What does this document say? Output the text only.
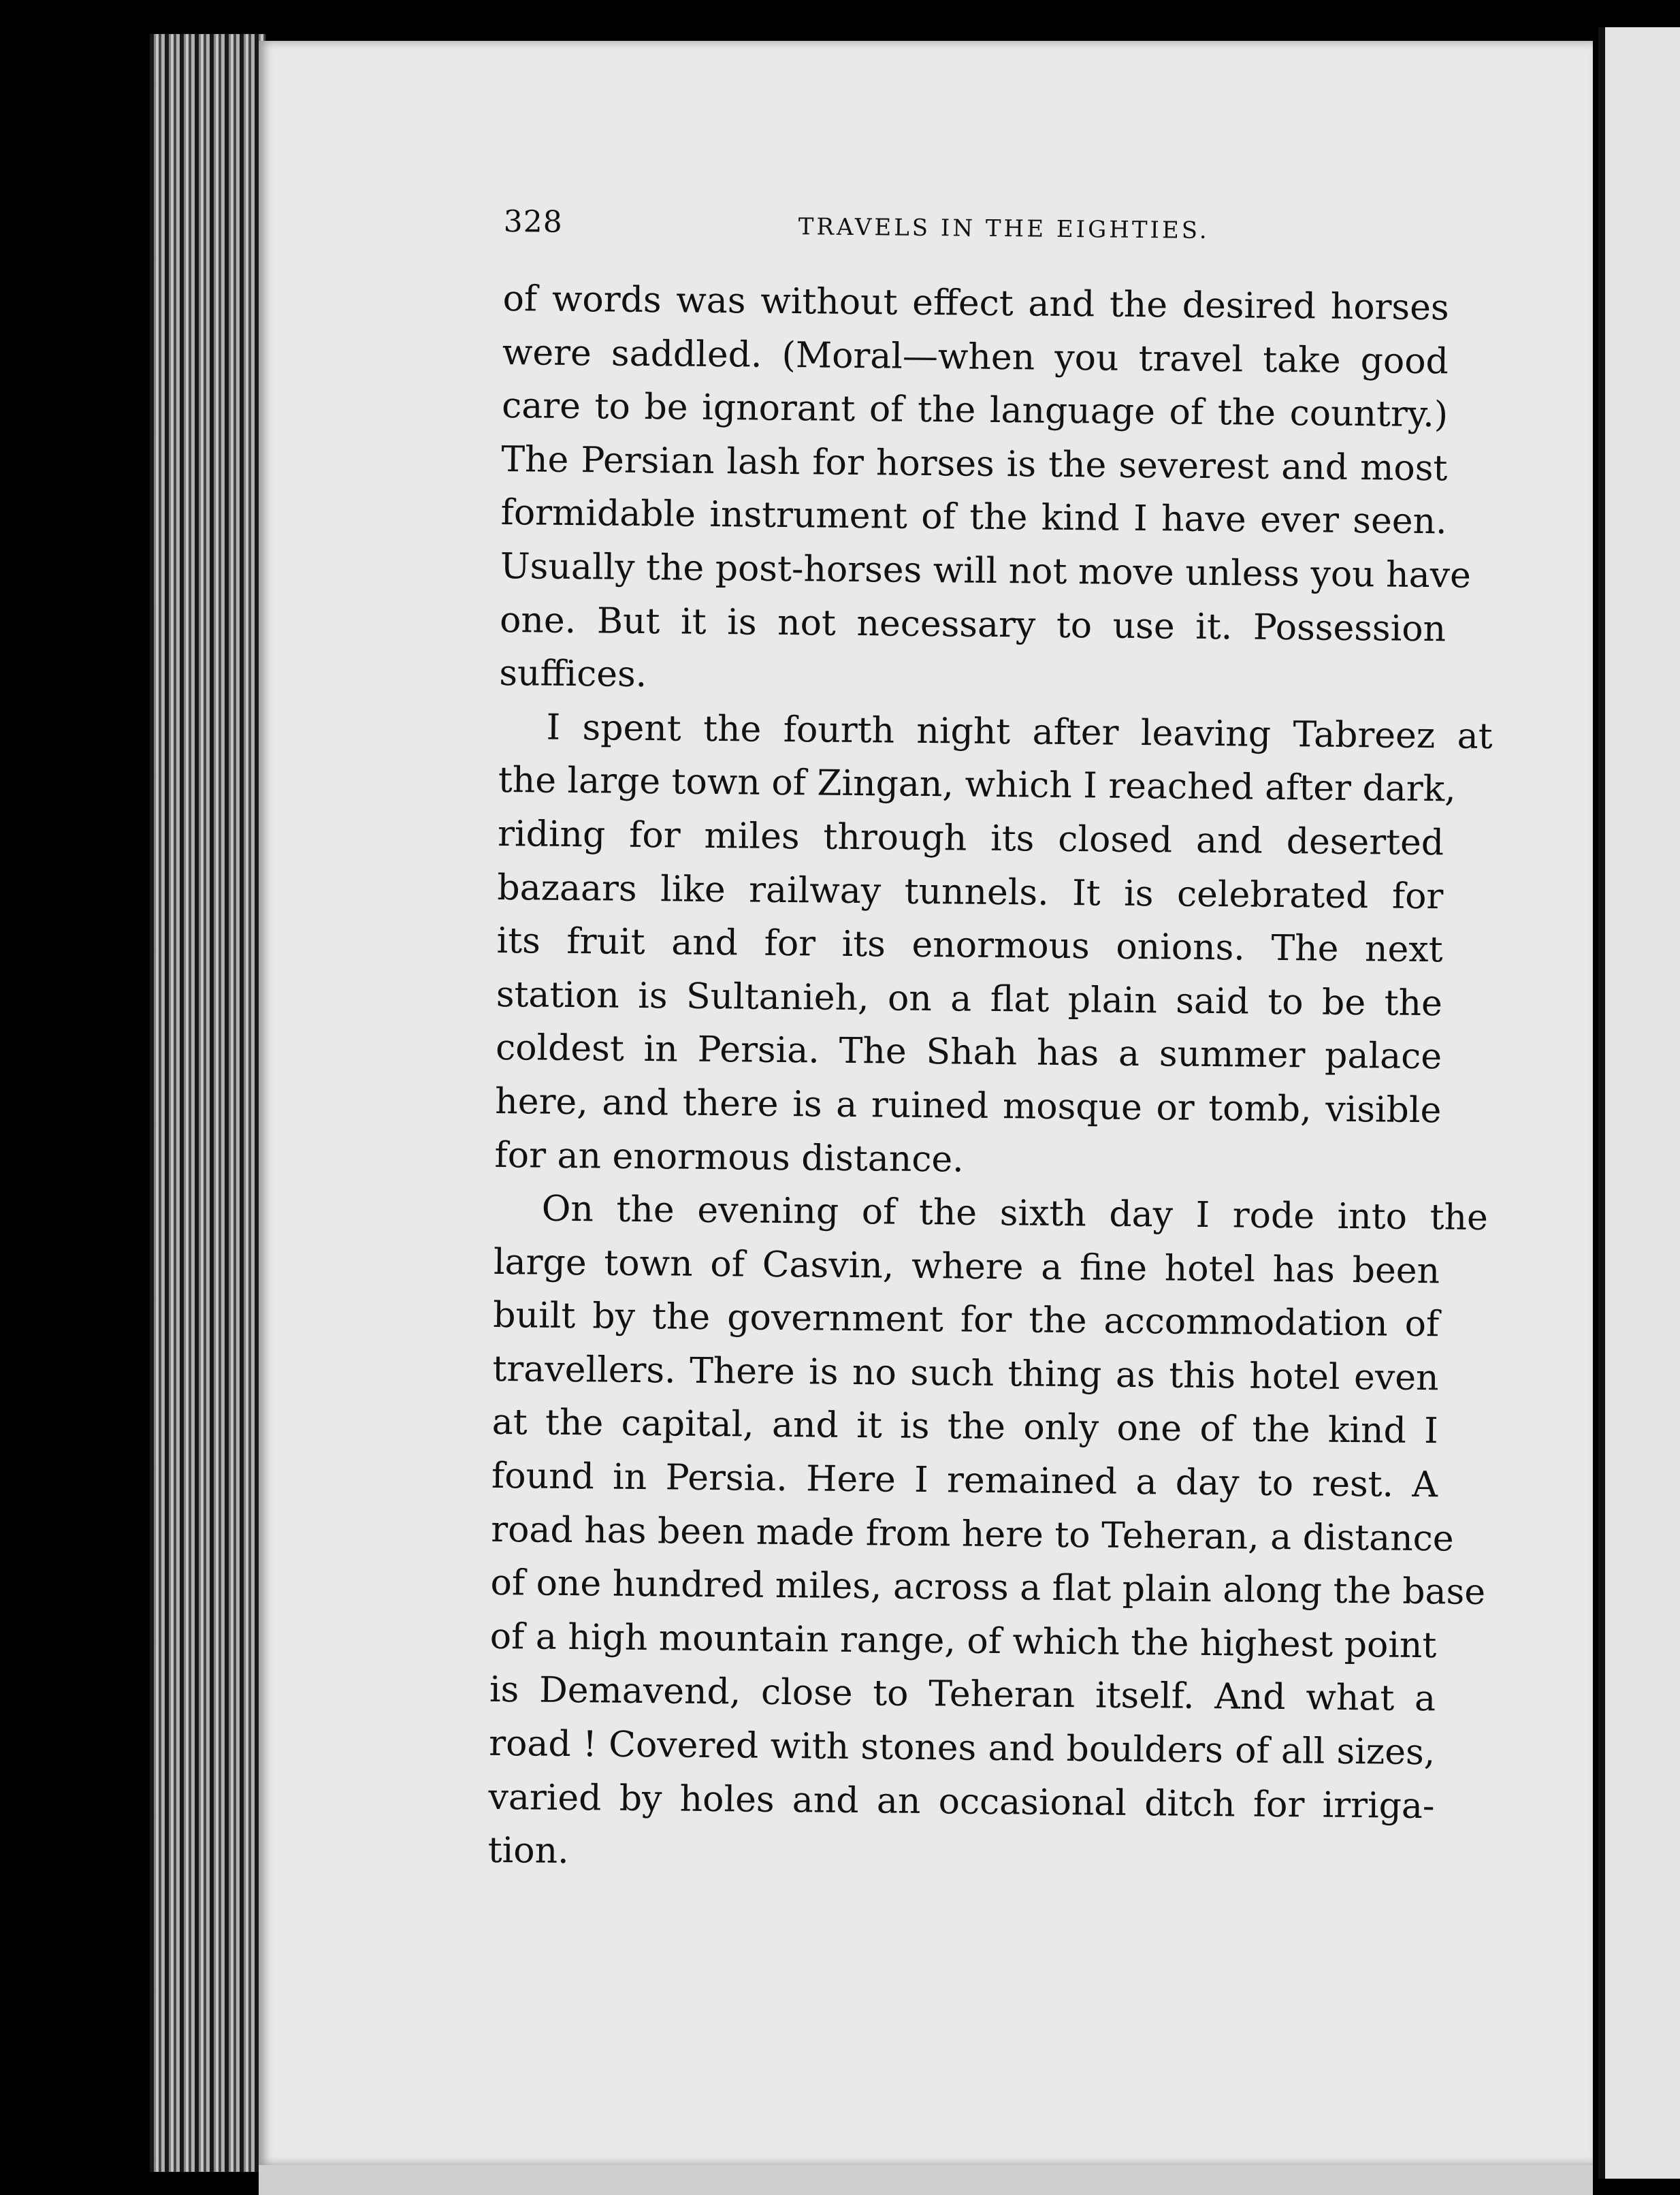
328	TRAVELS IN THE EIGHTIES.
of words was without effect and the desired horses
were saddled. (Moral—when you travel take good
care to be ignorant of the language of the country.)
The Persian lash for horses is the severest and most
formidable instrument of the kind I have ever seen.
Usually the post-horses will not move unless you have
one. But it is not necessary to use it. Possession
suffices.
I spent the fourth night after leaving Tabreez at
the large town of Zingan, which I reached after dark,
riding for miles through its closed and deserted
bazaars like railway tunnels. It is celebrated for
its fruit and for its enormous onions. The next
station is Sultanieh, on a flat plain said to be the
coldest in Persia. The Shah has a summer palace
here, and there is a ruined mosque or tomb, visible
for an enormous distance.
On the evening of the sixth day I rode into the
large town of Casvin, where a fine hotel has been
built by the government for the accommodation of
travellers. There is no such thing as this hotel even
at the capital, and it is the only one of the kind I
found in Persia. Here I remained a day to rest. A
road has been made from here to Teheran, a distance
of one hundred miles, across a flat plain along the base
of a high mountain range, of which the highest point
is Demavend, close to Teheran itself. And what a
road ! Covered with stones and boulders of all sizes,
varied by holes and an occasional ditch for irriga-
tion.
